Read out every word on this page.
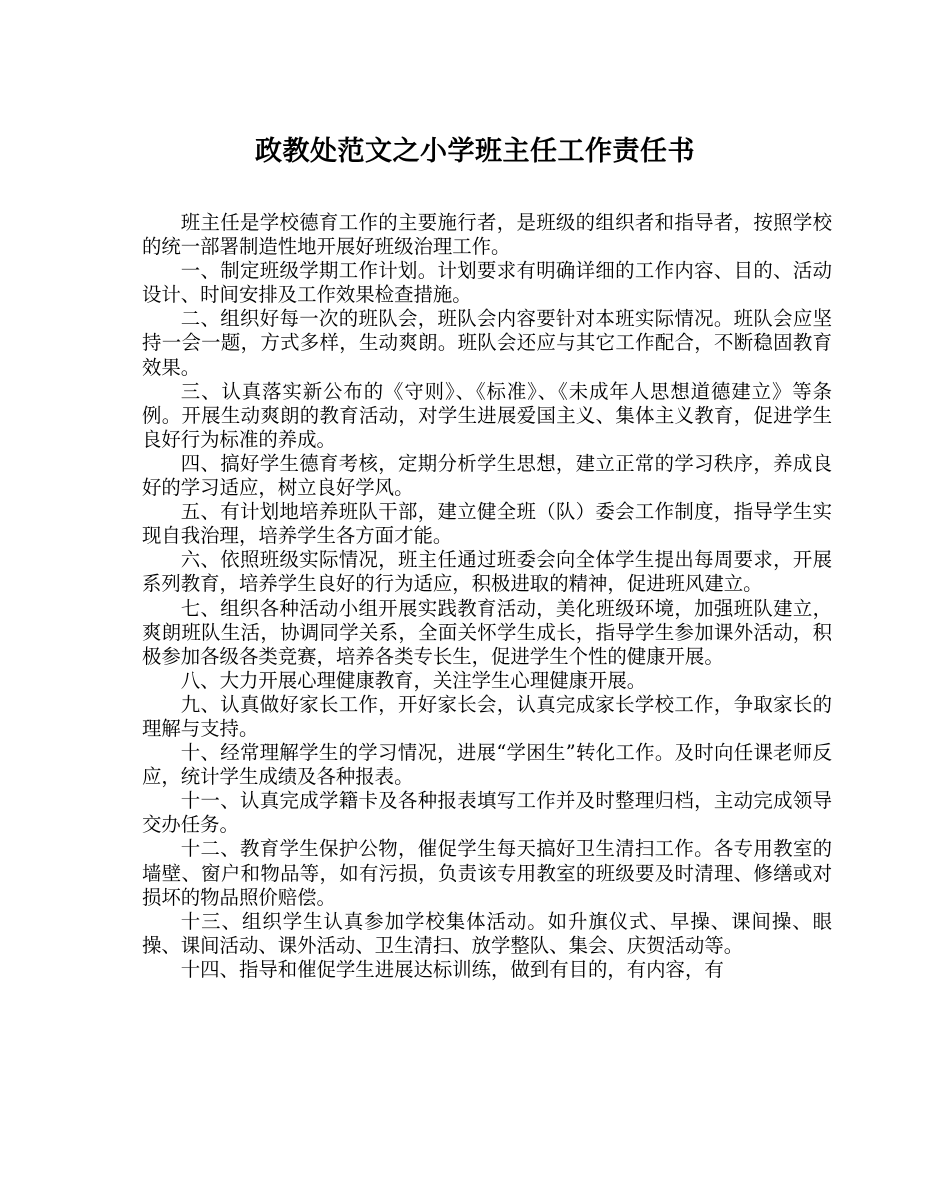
政教处范文之小学班主任工作责任书

班主任是学校德育工作的主要施行者，是班级的组织者和指导者，按照学校的统一部署制造性地开展好班级治理工作。

一、制定班级学期工作计划。计划要求有明确详细的工作内容、目的、活动设计、时间安排及工作效果检查措施。

二、组织好每一次的班队会，班队会内容要针对本班实际情况。班队会应坚持一会一题，方式多样，生动爽朗。班队会还应与其它工作配合，不断稳固教育效果。

三、认真落实新公布的《守则》、《标准》、《未成年人思想道德建立》等条例。开展生动爽朗的教育活动，对学生进展爱国主义、集体主义教育，促进学生良好行为标准的养成。

四、搞好学生德育考核，定期分析学生思想，建立正常的学习秩序，养成良好的学习适应，树立良好学风。

五、有计划地培养班队干部，建立健全班（队）委会工作制度，指导学生实现自我治理，培养学生各方面才能。

六、依照班级实际情况，班主任通过班委会向全体学生提出每周要求，开展系列教育，培养学生良好的行为适应，积极进取的精神，促进班风建立。

七、组织各种活动小组开展实践教育活动，美化班级环境，加强班队建立，爽朗班队生活，协调同学关系，全面关怀学生成长，指导学生参加课外活动，积极参加各级各类竞赛，培养各类专长生，促进学生个性的健康开展。

八、大力开展心理健康教育，关注学生心理健康开展。

九、认真做好家长工作，开好家长会，认真完成家长学校工作，争取家长的理解与支持。

十、经常理解学生的学习情况，进展“学困生”转化工作。及时向任课老师反应，统计学生成绩及各种报表。

十一、认真完成学籍卡及各种报表填写工作并及时整理归档，主动完成领导交办任务。

十二、教育学生保护公物，催促学生每天搞好卫生清扫工作。各专用教室的墙壁、窗户和物品等，如有污损，负责该专用教室的班级要及时清理、修缮或对损坏的物品照价赔偿。

十三、组织学生认真参加学校集体活动。如升旗仪式、早操、课间操、眼操、课间活动、课外活动、卫生清扫、放学整队、集会、庆贺活动等。

十四、指导和催促学生进展达标训练，做到有目的，有内容，有
